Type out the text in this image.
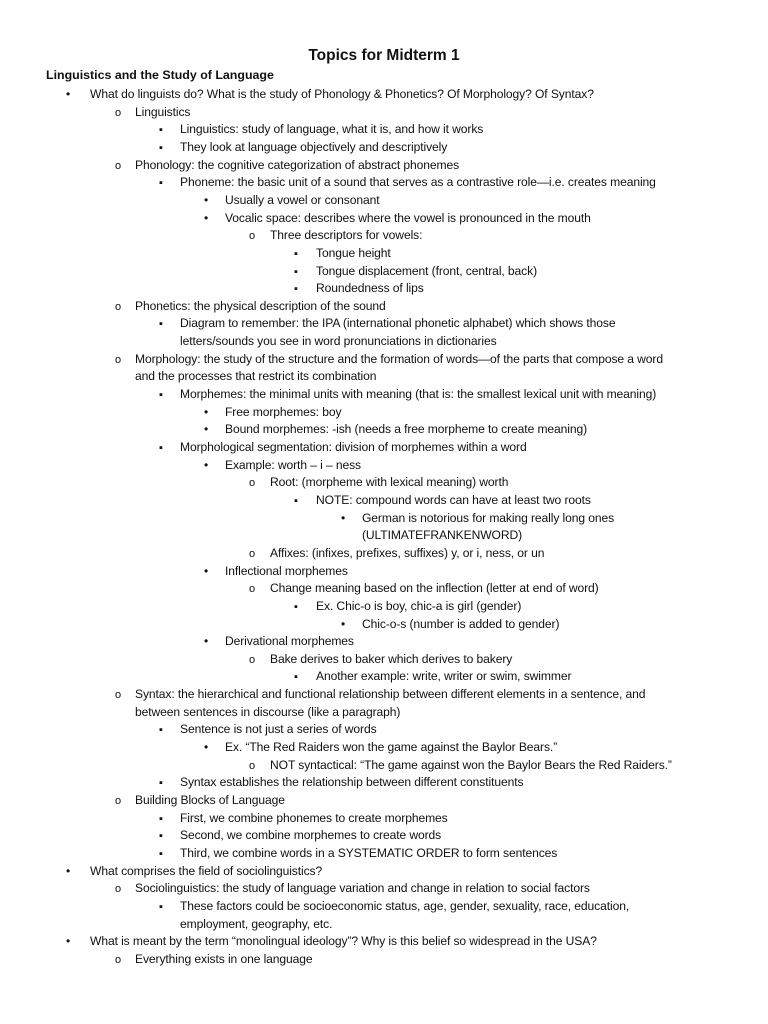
Topics for Midterm 1
Linguistics and the Study of Language
•
What do linguists do? What is the study of Phonology & Phonetics? Of Morphology? Of Syntax?
o
Linguistics
▪
Linguistics: study of language, what it is, and how it works
▪
They look at language objectively and descriptively
o
Phonology: the cognitive categorization of abstract phonemes
▪
Phoneme: the basic unit of a sound that serves as a contrastive role—i.e. creates meaning
•
Usually a vowel or consonant
•
Vocalic space: describes where the vowel is pronounced in the mouth
o
Three descriptors for vowels:
▪
Tongue height
▪
Tongue displacement (front, central, back)
▪
Roundedness of lips
o
Phonetics: the physical description of the sound
▪
Diagram to remember: the IPA (international phonetic alphabet) which shows those
letters/sounds you see in word pronunciations in dictionaries
o
Morphology: the study of the structure and the formation of words—of the parts that compose a word
and the processes that restrict its combination
▪
Morphemes: the minimal units with meaning (that is: the smallest lexical unit with meaning)
•
Free morphemes: boy
•
Bound morphemes: -ish (needs a free morpheme to create meaning)
▪
Morphological segmentation: division of morphemes within a word
•
Example: worth – i – ness
o
Root: (morpheme with lexical meaning) worth
▪
NOTE: compound words can have at least two roots
•
German is notorious for making really long ones
(ULTIMATEFRANKENWORD)
o
Affixes: (infixes, prefixes, suffixes) y, or i, ness, or un
•
Inflectional morphemes
o
Change meaning based on the inflection (letter at end of word)
▪
Ex. Chic-o is boy, chic-a is girl (gender)
•
Chic-o-s (number is added to gender)
•
Derivational morphemes
o
Bake derives to baker which derives to bakery
▪
Another example: write, writer or swim, swimmer
o
Syntax: the hierarchical and functional relationship between different elements in a sentence, and
between sentences in discourse (like a paragraph)
▪
Sentence is not just a series of words
•
Ex. “The Red Raiders won the game against the Baylor Bears.”
o
NOT syntactical: “The game against won the Baylor Bears the Red Raiders.”
▪
Syntax establishes the relationship between different constituents
o
Building Blocks of Language
▪
First, we combine phonemes to create morphemes
▪
Second, we combine morphemes to create words
▪
Third, we combine words in a SYSTEMATIC ORDER to form sentences
•
What comprises the field of sociolinguistics?
o
Sociolinguistics: the study of language variation and change in relation to social factors
▪
These factors could be socioeconomic status, age, gender, sexuality, race, education,
employment, geography, etc.
•
What is meant by the term “monolingual ideology”? Why is this belief so widespread in the USA?
o
Everything exists in one language
